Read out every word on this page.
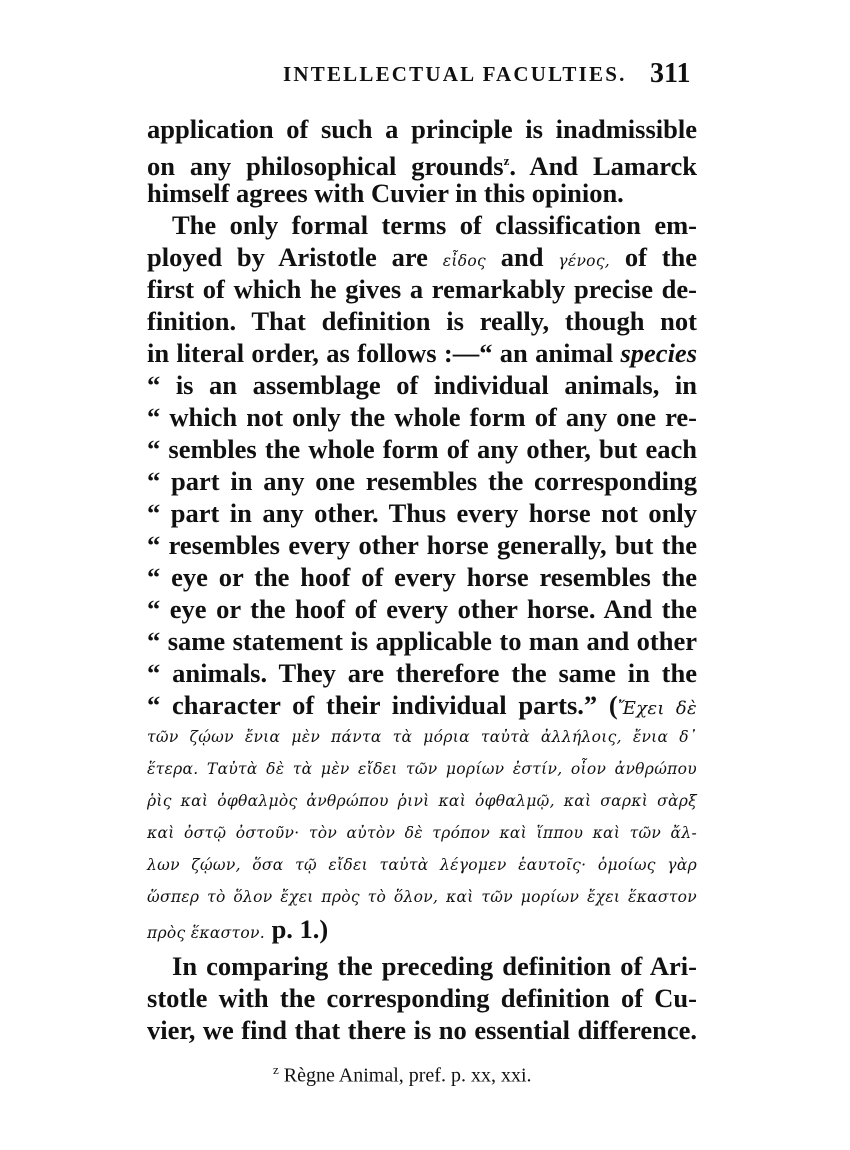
INTELLECTUAL FACULTIES. 311
application of such a principle is inadmissible
on any philosophical grounds$^z$. And Lamarck
himself agrees with Cuvier in this opinion.
The only formal terms of classification em-
ployed by Aristotle are εἶδος and γένος, of the
first of which he gives a remarkably precise de-
finition. That definition is really, though not
in literal order, as follows :—“ an animal species
“ is an assemblage of individual animals, in
“ which not only the whole form of any one re-
“ sembles the whole form of any other, but each
“ part in any one resembles the corresponding
“ part in any other. Thus every horse not only
“ resembles every other horse generally, but the
“ eye or the hoof of every horse resembles the
“ eye or the hoof of every other horse. And the
“ same statement is applicable to man and other
“ animals. They are therefore the same in the
“ character of their individual parts.” (Ἔχει δὲ
τῶν ζῴων ἔνια μὲν πάντα τὰ μόρια ταὐτὰ ἀλλήλοις, ἔνια δ᾽
ἕτερα. Ταὐτὰ δὲ τὰ μὲν εἴδει τῶν μορίων ἐστίν, οἷον ἀνθρώπου
ῥὶς καὶ ὀφθαλμὸς ἀνθρώπου ῥινὶ καὶ ὀφθαλμῷ, καὶ σαρκὶ σὰρξ
καὶ ὀστῷ ὀστοῦν· τὸν αὐτὸν δὲ τρόπον καὶ ἵππου καὶ τῶν ἄλ-
λων ζῴων, ὅσα τῷ εἴδει ταὐτὰ λέγομεν ἑαυτοῖς· ὁμοίως γὰρ
ὥσπερ τὸ ὅλον ἔχει πρὸς τὸ ὅλον, καὶ τῶν μορίων ἔχει ἕκαστον
πρὸς ἕκαστον. p. 1.)
In comparing the preceding definition of Ari-
stotle with the corresponding definition of Cu-
vier, we find that there is no essential difference.
$^z$ Règne Animal, pref. p. xx, xxi.
